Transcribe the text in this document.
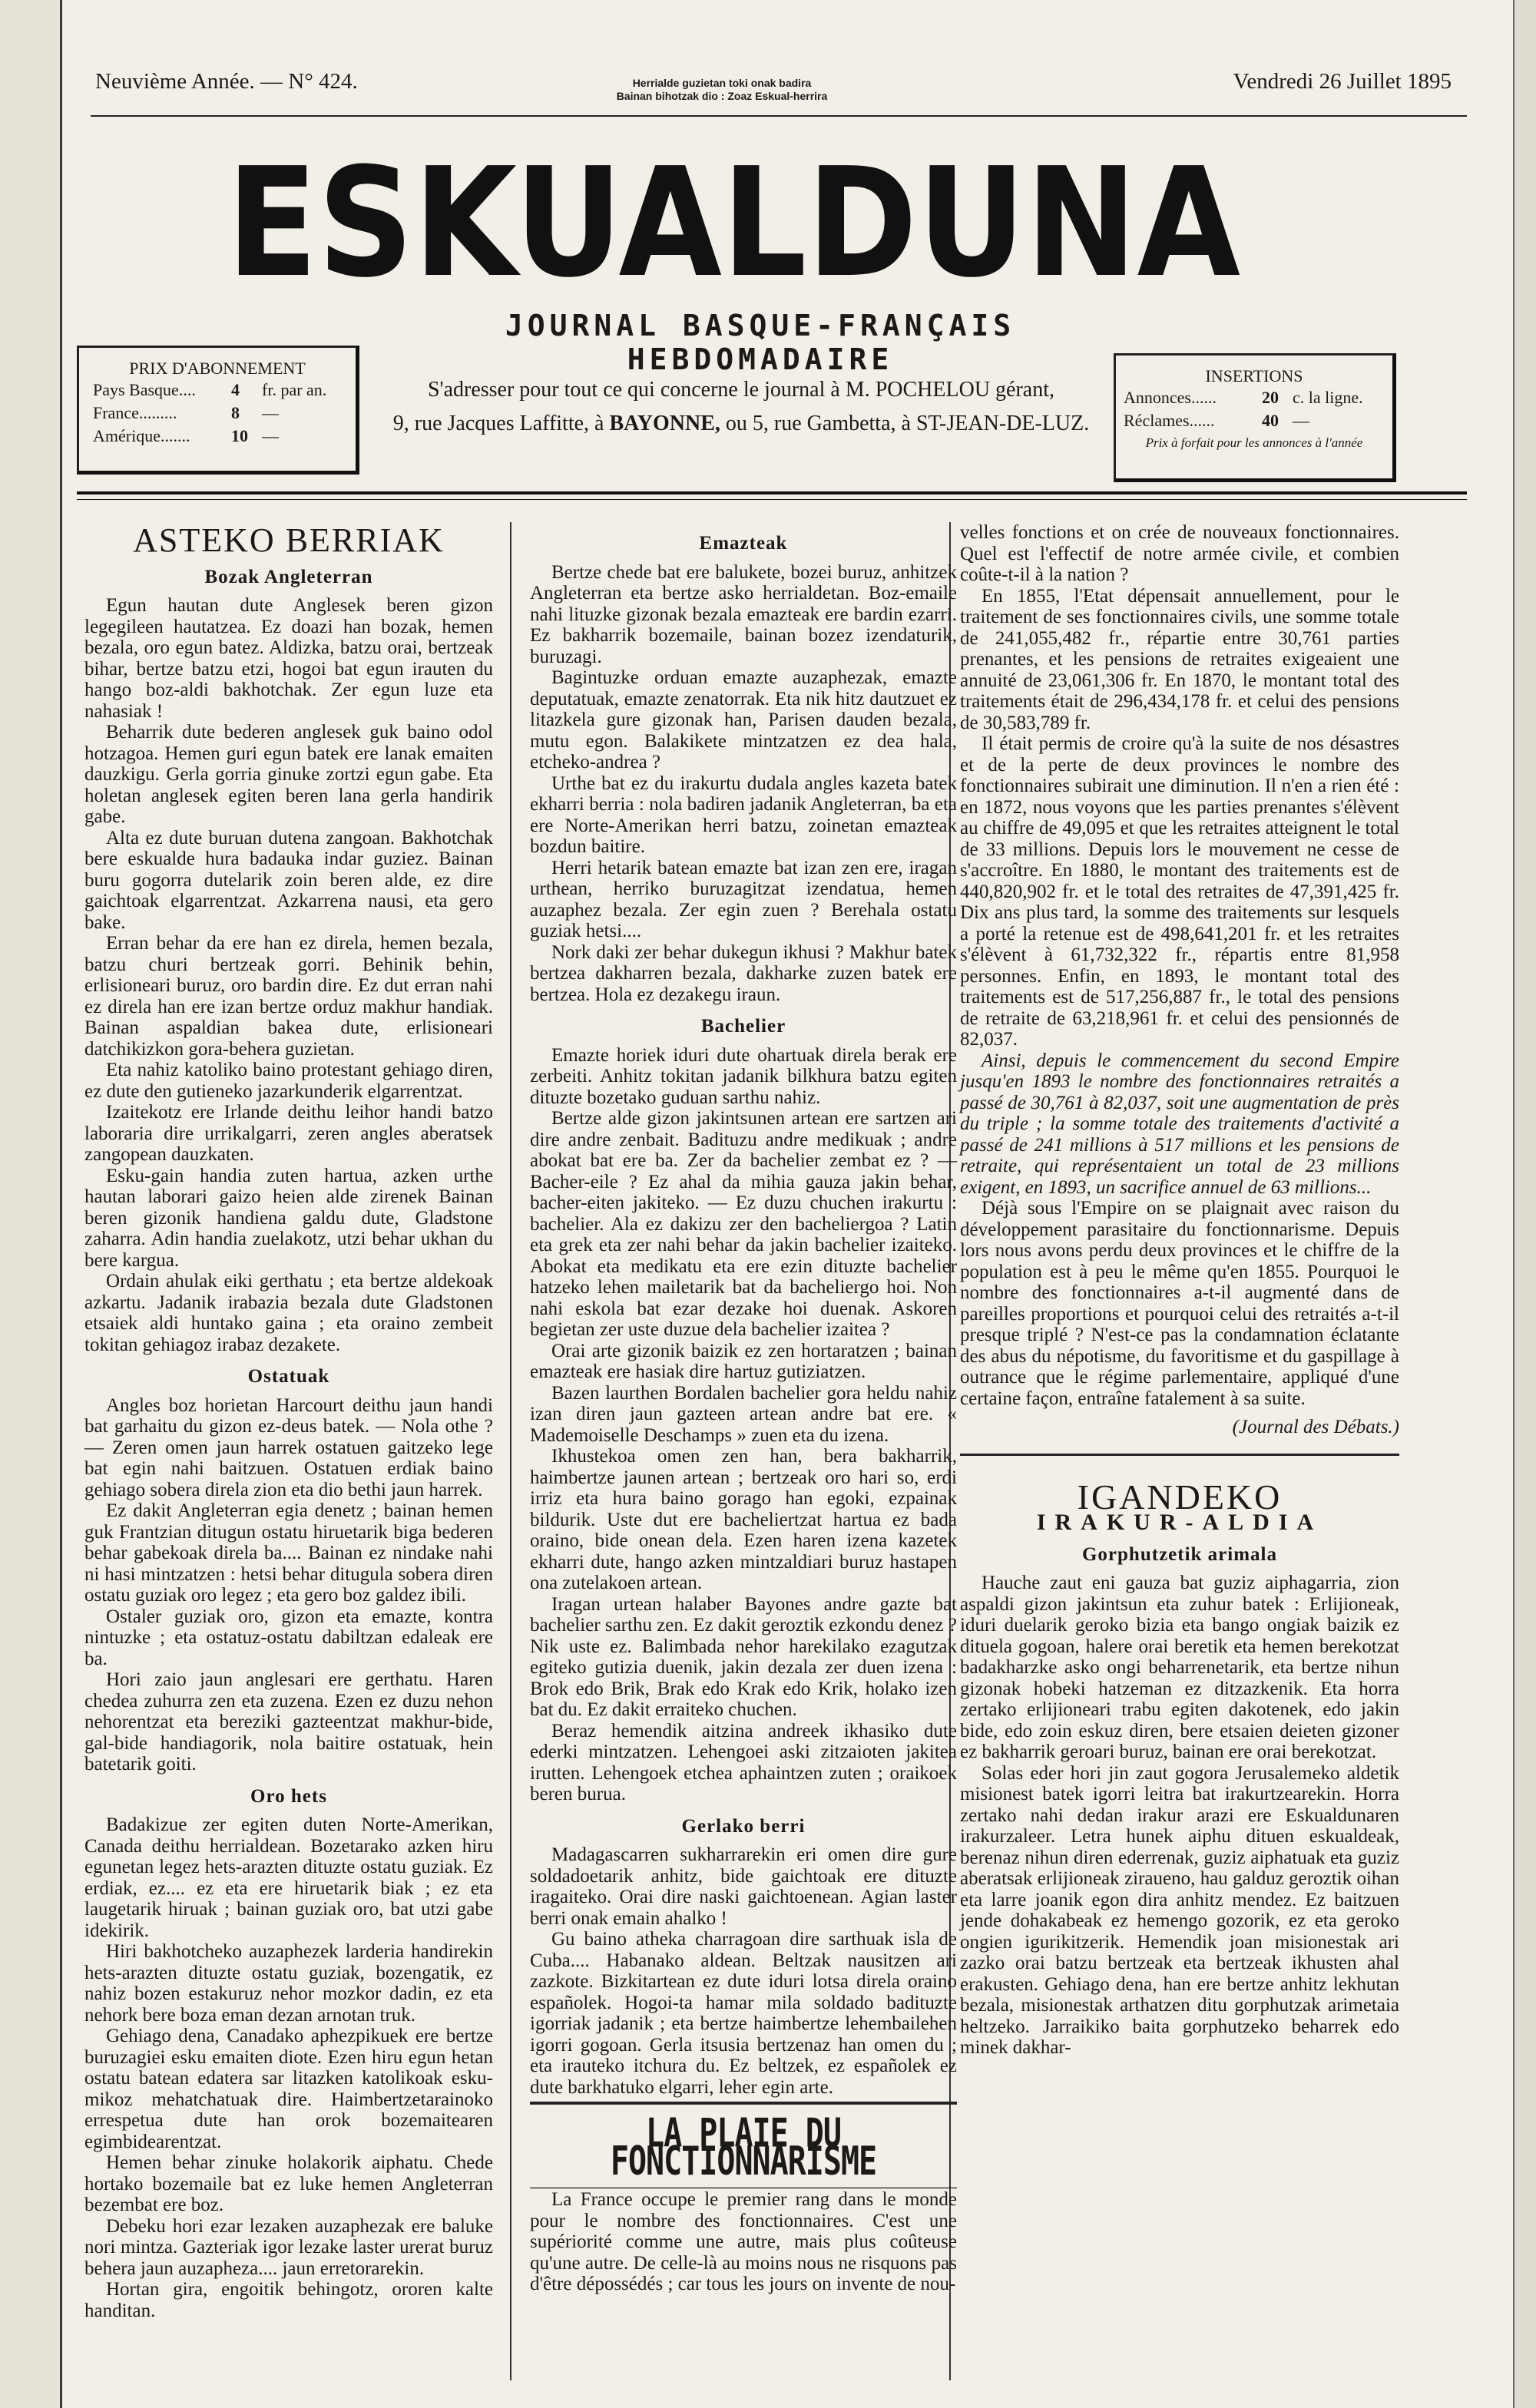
Neuvième Année. — N° 424.	Herrialde guzietan toki onak badira
Bainan bihotzak dio : Zoaz Eskual-herrira
Vendredi 26 Juillet 1895
ESKUALDUNA
JOURNAL BASQUE-FRANÇAIS HEBDOMADAIRE
PRIX D'ABONNEMENT
Pays Basque....	4	fr. par an.
France.........	8	—
Amérique.......	10 —
S'adresser pour tout ce qui concerne le journal à M. POCHELOU gérant,
9, rue Jacques Laffitte, à BAYONNE, ou 5, rue Gambetta, à ST-JEAN-DE-LUZ.
INSERTIONS
Annonces......	20 c. la ligne.
Réclames......	40 —
Prix à forfait pour les annonces à l'année
ASTEKO BERRIAK
Bozak Angleterran

Egun hautan dute Anglesek beren gizon legegileen hautatzea. Ez doazi han bozak, hemen bezala, oro egun batez. Aldizka, batzu orai, bertzeak bihar, bertze batzu etzi, hogoi bat egun irauten du hango boz-aldi bakhotchak. Zer egun luze eta nahasiak !

Beharrik dute bederen anglesek guk baino odol hotzagoa. Hemen guri egun batek ere lanak emaiten dauzkigu. Gerla gorria ginuke zortzi egun gabe. Eta holetan anglesek egiten beren lana gerla handirik gabe.

Alta ez dute buruan dutena zangoan. Bakhotchak bere eskualde hura badauka indar guziez. Bainan buru gogorra dutelarik zoin beren alde, ez dire gaichtoak elgarrentzat. Azkarrena nausi, eta gero bake.

Erran behar da ere han ez direla, hemen bezala, batzu churi bertzeak gorri. Behinik behin, erlisioneari buruz, oro bardin dire. Ez dut erran nahi ez direla han ere izan bertze orduz makhur handiak. Bainan aspaldian bakea dute, erlisioneari datchikizkon gora-behera guzietan.

Eta nahiz katoliko baino protestant gehiago diren, ez dute den gutieneko jazarkunderik elgarrentzat.

Izaitekotz ere Irlande deithu leihor handi batzo laboraria dire urrikalgarri, zeren angles aberatsek zangopean dauzkaten.

Esku-gain handia zuten hartua, azken urthe hautan laborari gaizo heien alde zirenek Bainan beren gizonik handiena galdu dute, Gladstone zaharra. Adin handia zuelakotz, utzi behar ukhan du bere kargua.

Ordain ahulak eiki gerthatu ; eta bertze aldekoak azkartu. Jadanik irabazia bezala dute Gladstonen etsaiek aldi huntako gaina ; eta oraino zembeit tokitan gehiagoz irabaz dezakete.

Ostatuak

Angles boz horietan Harcourt deithu jaun handi bat garhaitu du gizon ez-deus batek. — Nola othe ? — Zeren omen jaun harrek ostatuen gaitzeko lege bat egin nahi baitzuen. Ostatuen erdiak baino gehiago sobera direla zion eta dio bethi jaun harrek.

Ez dakit Angleterran egia denetz ; bainan hemen guk Frantzian ditugun ostatu hiruetarik biga bederen behar gabekoak direla ba.... Bainan ez nindake nahi ni hasi mintzatzen : hetsi behar ditugula sobera diren ostatu guziak oro legez ; eta gero boz galdez ibili.

Ostaler guziak oro, gizon eta emazte, kontra nintuzke ; eta ostatuz-ostatu dabiltzan edaleak ere ba.

Hori zaio jaun anglesari ere gerthatu. Haren chedea zuhurra zen eta zuzena. Ezen ez duzu nehon nehorentzat eta bereziki gazteentzat makhur-bide, gal-bide handiagorik, nola baitire ostatuak, hein batetarik goiti.

Oro hets

Badakizue zer egiten duten Norte-Amerikan, Canada deithu herrialdean. Bozetarako azken hiru egunetan legez hets-arazten dituzte ostatu guziak. Ez erdiak, ez.... ez eta ere hiruetarik biak ; ez eta laugetarik hiruak ; bainan guziak oro, bat utzi gabe idekirik.

Hiri bakhotcheko auzaphezek larderia handirekin hets-arazten dituzte ostatu guziak, bozengatik, ez nahiz bozen estakuruz nehor mozkor dadin, ez eta nehork bere boza eman dezan arnotan truk.

Gehiago dena, Canadako aphezpikuek ere bertze buruzagiei esku emaiten diote. Ezen hiru egun hetan ostatu batean edatera sar litazken katolikoak esku-mikoz mehatchatuak dire. Haimbertzetarainoko errespetua dute han orok bozemaitearen egimbidearentzat.

Hemen behar zinuke holakorik aiphatu. Chede hortako bozemaile bat ez luke hemen Angleterran bezembat ere boz.

Debeku hori ezar lezaken auzaphezak ere baluke nori mintza. Gazteriak igor lezake laster urerat buruz behera jaun auzapheza.... jaun erretorarekin.

Hortan gira, engoitik behingotz, ororen kalte handitan.

Emazteak

Bertze chede bat ere balukete, bozei buruz, anhitzek Angleterran eta bertze asko herrialdetan. Boz-emaile nahi lituzke gizonak bezala emazteak ere bardin ezarri. Ez bakharrik bozemaile, bainan bozez izendaturik, buruzagi.

Bagintuzke orduan emazte auzaphezak, emazte deputatuak, emazte zenatorrak. Eta nik hitz dautzuet ez litazkela gure gizonak han, Parisen dauden bezala, mutu egon. Balakikete mintzatzen ez dea hala, etcheko-andrea ?

Urthe bat ez du irakurtu dudala angles kazeta batek ekharri berria : nola badiren jadanik Angleterran, ba eta ere Norte-Amerikan herri batzu, zoinetan emazteak bozdun baitire.

Herri hetarik batean emazte bat izan zen ere, iragan urthean, herriko buruzagitzat izendatua, hemen auzaphez bezala. Zer egin zuen ? Berehala ostatu guziak hetsi....

Nork daki zer behar dukegun ikhusi ? Makhur batek bertzea dakharren bezala, dakharke zuzen batek ere bertzea. Hola ez dezakegu iraun.

Bachelier

Emazte horiek iduri dute ohartuak direla berak ere zerbeiti. Anhitz tokitan jadanik bilkhura batzu egiten dituzte bozetako guduan sarthu nahiz.

Bertze alde gizon jakintsunen artean ere sartzen ari dire andre zenbait. Badituzu andre medikuak ; andre abokat bat ere ba. Zer da bachelier zembat ez ? — Bacher-eile ? Ez ahal da mihia gauza jakin behar, bacher-eiten jakiteko. — Ez duzu chuchen irakurtu : bachelier. Ala ez dakizu zer den bacheliergoa ? Latin eta grek eta zer nahi behar da jakin bachelier izaiteko. Abokat eta medikatu eta ere ezin dituzte bachelier hatzeko lehen mailetarik bat da bacheliergo hoi. Non nahi eskola bat ezar dezake hoi duenak. Askoren begietan zer uste duzue dela bachelier izaitea ?

Orai arte gizonik baizik ez zen hortaratzen ; bainan emazteak ere hasiak dire hartuz gutiziatzen.

Bazen laurthen Bordalen bachelier gora heldu nahiz izan diren jaun gazteen artean andre bat ere. « Mademoiselle Deschamps » zuen eta du izena.

Ikhustekoa omen zen han, bera bakharrik, haimbertze jaunen artean ; bertzeak oro hari so, erdi irriz eta hura baino gorago han egoki, ezpainak bildurik. Uste dut ere bacheliertzat hartua ez bada oraino, bide onean dela. Ezen haren izena kazetek ekharri dute, hango azken mintzaldiari buruz hastapen ona zutelakoen artean.

Iragan urtean halaber Bayones andre gazte bat bachelier sarthu zen. Ez dakit geroztik ezkondu denez ? Nik uste ez. Balimbada nehor harekilako ezagutzak egiteko gutizia duenik, jakin dezala zer duen izena : Brok edo Brik, Brak edo Krak edo Krik, holako izen bat du. Ez dakit erraiteko chuchen.

Beraz hemendik aitzina andreek ikhasiko dute ederki mintzatzen. Lehengoei aski zitzaioten jakitea irutten. Lehengoek etchea aphaintzen zuten ; oraikoek beren burua.

Gerlako berri

Madagascarren sukharrarekin eri omen dire gure soldadoetarik anhitz, bide gaichtoak ere dituzte iragaiteko. Orai dire naski gaichtoenean. Agian laster berri onak emain ahalko !

Gu baino atheka charragoan dire sarthuak isla de Cuba.... Habanako aldean. Beltzak nausitzen ari zazkote. Bizkitartean ez dute iduri lotsa direla oraino españolek. Hogoi-ta hamar mila soldado badituzte igorriak jadanik ; eta bertze haimbertze lehembailehen igorri gogoan. Gerla itsusia bertzenaz han omen du ; eta irauteko itchura du. Ez beltzek, ez españolek ez dute barkhatuko elgarri, leher egin arte.

LA PLAIE DU FONCTIONNARISME

La France occupe le premier rang dans le monde pour le nombre des fonctionnaires. C'est une supériorité comme une autre, mais plus coûteuse qu'une autre. De celle-là au moins nous ne risquons pas d'être dépossédés ; car tous les jours on invente de nou-

velles fonctions et on crée de nouveaux fonctionnaires. Quel est l'effectif de notre armée civile, et combien coûte-t-il à la nation ?

En 1855, l'Etat dépensait annuellement, pour le traitement de ses fonctionnaires civils, une somme totale de 241,055,482 fr., répartie entre 30,761 parties prenantes, et les pensions de retraites exigeaient une annuité de 23,061,306 fr. En 1870, le montant total des traitements était de 296,434,178 fr. et celui des pensions de 30,583,789 fr.

Il était permis de croire qu'à la suite de nos désastres et de la perte de deux provinces le nombre des fonctionnaires subirait une diminution. Il n'en a rien été : en 1872, nous voyons que les parties prenantes s'élèvent au chiffre de 49,095 et que les retraites atteignent le total de 33 millions. Depuis lors le mouvement ne cesse de s'accroître. En 1880, le montant des traitements est de 440,820,902 fr. et le total des retraites de 47,391,425 fr. Dix ans plus tard, la somme des traitements sur lesquels a porté la retenue est de 498,641,201 fr. et les retraites s'élèvent à 61,732,322 fr., répartis entre 81,958 personnes. Enfin, en 1893, le montant total des traitements est de 517,256,887 fr., le total des pensions de retraite de 63,218,961 fr. et celui des pensionnés de 82,037.

Ainsi, depuis le commencement du second Empire jusqu'en 1893 le nombre des fonctionnaires retraités a passé de 30,761 à 82,037, soit une augmentation de près du triple ; la somme totale des traitements d'activité a passé de 241 millions à 517 millions et les pensions de retraite, qui représentaient un total de 23 millions exigent, en 1893, un sacrifice annuel de 63 millions...

Déjà sous l'Empire on se plaignait avec raison du développement parasitaire du fonctionnarisme. Depuis lors nous avons perdu deux provinces et le chiffre de la population est à peu le même qu'en 1855. Pourquoi le nombre des fonctionnaires a-t-il augmenté dans de pareilles proportions et pourquoi celui des retraités a-t-il presque triplé ? N'est-ce pas la condamnation éclatante des abus du népotisme, du favoritisme et du gaspillage à outrance que le régime parlementaire, appliqué d'une certaine façon, entraîne fatalement à sa suite.

(Journal des Débats.)
IGANDEKO
IRAKUR-ALDIA
Gorphutzetik arimala

Hauche zaut eni gauza bat guziz aiphagarria, zion aspaldi gizon jakintsun eta zuhur batek : Erlijioneak, iduri duelarik geroko bizia eta bango ongiak baizik ez dituela gogoan, halere orai beretik eta hemen berekotzat badakharzke asko ongi beharrenetarik, eta bertze nihun gizonak hobeki hatzeman ez ditzazkenik. Eta horra zertako erlijioneari trabu egiten dakotenek, edo jakin bide, edo zoin eskuz diren, bere etsaien deieten gizoner ez bakharrik geroari buruz, bainan ere orai berekotzat.

Solas eder hori jin zaut gogora Jerusalemeko aldetik misionest batek igorri leitra bat irakurtzearekin. Horra zertako nahi dedan irakur arazi ere Eskualdunaren irakurzaleer. Letra hunek aiphu dituen eskualdeak, berenaz nihun diren ederrenak, guziz aiphatuak eta guziz aberatsak erlijioneak zirauenо, hau galduz geroztik oihan eta larre joanik egon dira anhitz mendez. Ez baitzuen jende dohakabeak ez hemengo gozorik, ez eta geroko ongien igurikitzerik. Hemendik joan misionestak ari zazko orai batzu bertzeak eta bertzeak ikhusten ahal erakusten. Gehiago dena, han ere bertze anhitz lekhutan bezala, misionestak arthatzen ditu gorphutzak arimetaia heltzeko. Jarraikiko baita gorphutzeko beharrek edo minek dakhar-
